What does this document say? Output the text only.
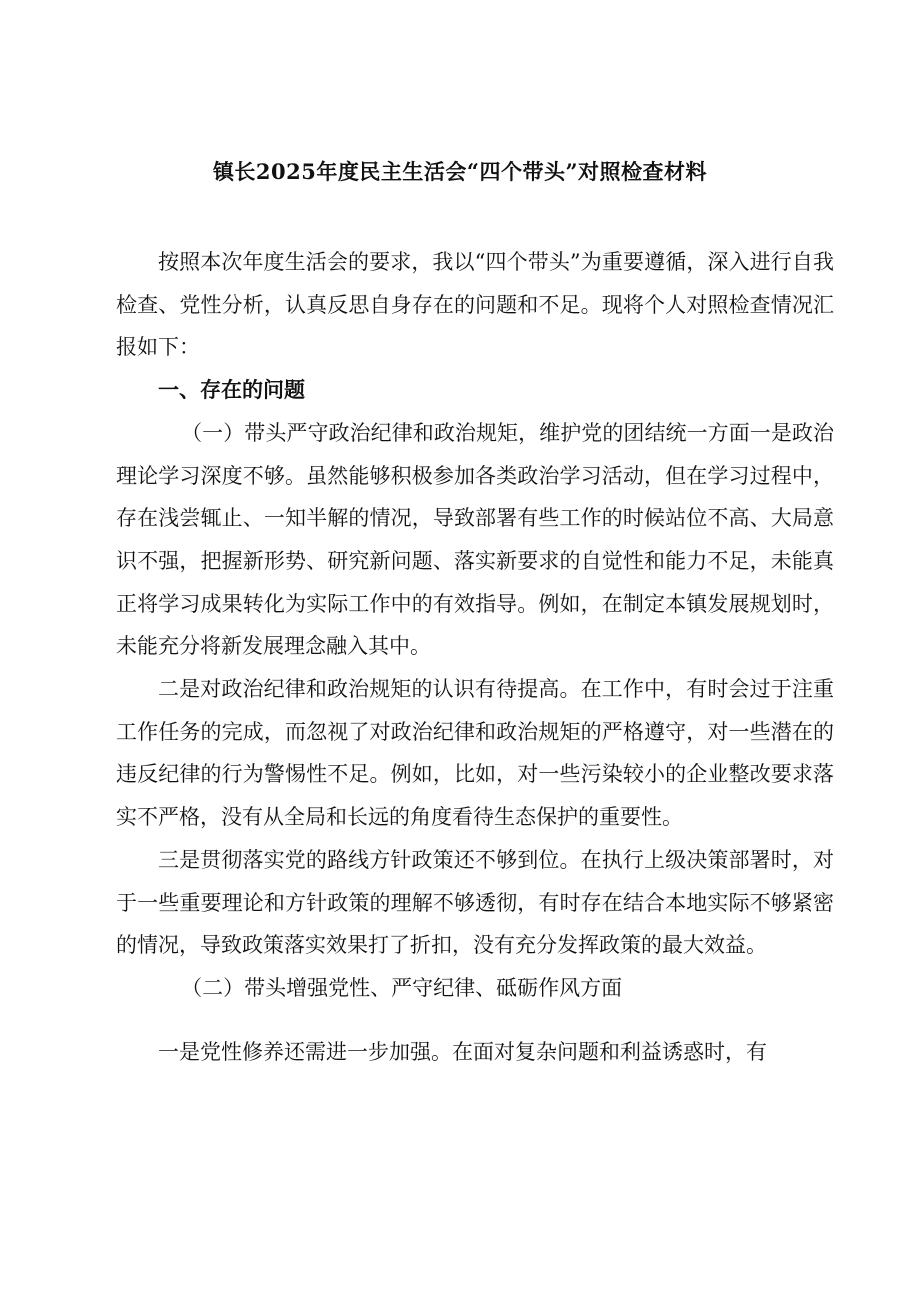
镇长2025年度民主生活会“四个带头”对照检查材料

按照本次年度生活会的要求，我以“四个带头”为重要遵循，深入进行自我检查、党性分析，认真反思自身存在的问题和不足。现将个人对照检查情况汇报如下：

一、存在的问题

（一）带头严守政治纪律和政治规矩，维护党的团结统一方面一是政治理论学习深度不够。虽然能够积极参加各类政治学习活动，但在学习过程中，存在浅尝辄止、一知半解的情况，导致部署有些工作的时候站位不高、大局意识不强，把握新形势、研究新问题、落实新要求的自觉性和能力不足，未能真正将学习成果转化为实际工作中的有效指导。例如，在制定本镇发展规划时，未能充分将新发展理念融入其中。

二是对政治纪律和政治规矩的认识有待提高。在工作中，有时会过于注重工作任务的完成，而忽视了对政治纪律和政治规矩的严格遵守，对一些潜在的违反纪律的行为警惕性不足。例如，比如，对一些污染较小的企业整改要求落实不严格，没有从全局和长远的角度看待生态保护的重要性。

三是贯彻落实党的路线方针政策还不够到位。在执行上级决策部署时，对于一些重要理论和方针政策的理解不够透彻，有时存在结合本地实际不够紧密的情况，导致政策落实效果打了折扣，没有充分发挥政策的最大效益。

（二）带头增强党性、严守纪律、砥砺作风方面

一是党性修养还需进一步加强。在面对复杂问题和利益诱惑时，有
